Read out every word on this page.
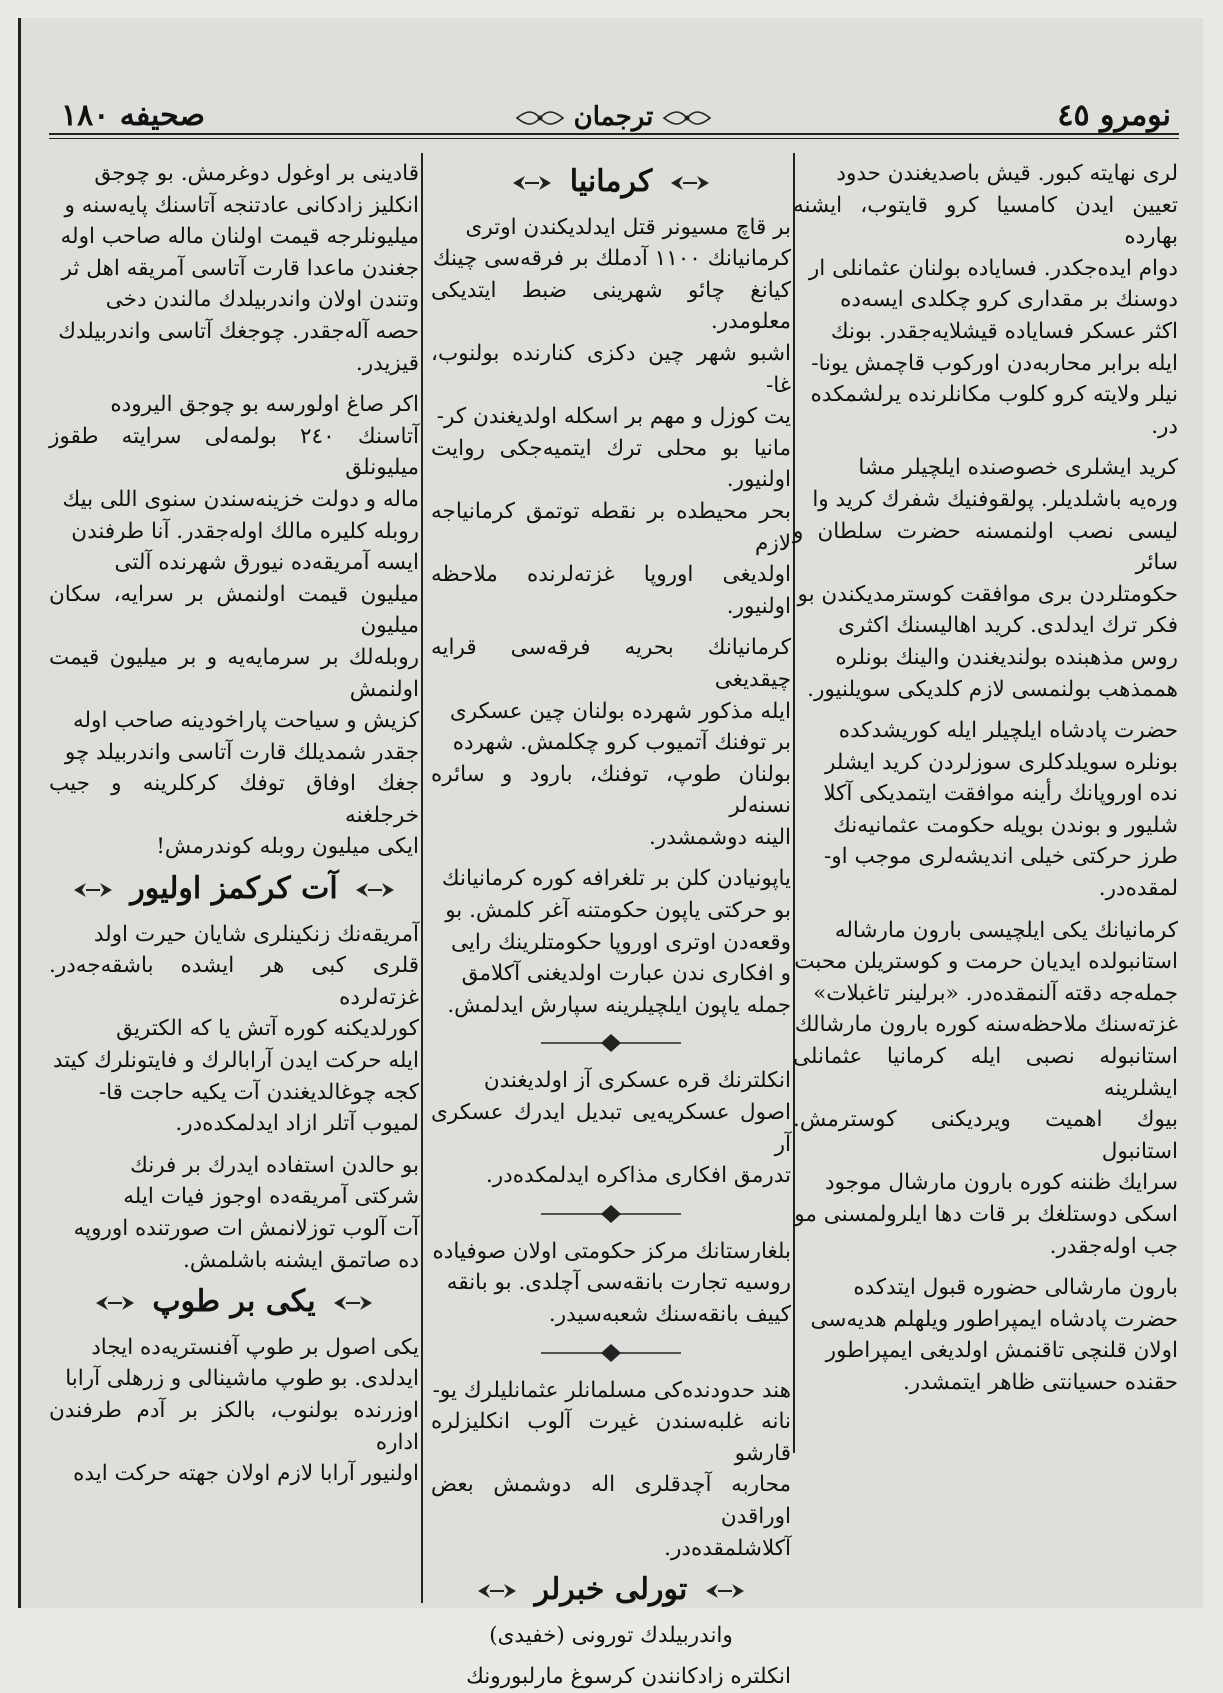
نومرو ٤٥
ترجمان
صحيفه ١٨٠

لرى نهايته كبور. قيش باصديغندن حدود
تعيين ايدن كامسيا كرو قايتوب، ايشنه بهارده
دوام ايده‌جكدر. فساياده بولنان عثمانلى ار
دوسنك بر مقدارى كرو چكلدى ايسه‌ده
اكثر عسكر فساياده قيشلايه‌جقدر. بونك
ايله برابر محاربه‌دن اوركوب قاچمش يونا-
نيلر ولايته كرو كلوب مكانلرنده يرلشمكده
در.

كريد ايشلرى خصوصنده ايلچيلر مشا
وره‌يه باشلديلر. پولقوفنيك شفرك كريد وا
ليسى نصب اولنمسنه حضرت سلطان و سائر
حكومتلردن برى موافقت كوسترمديكندن بو
فكر ترك ايدلدى. كريد اهاليسنك اكثرى
روس مذهبنده بولنديغندن والينك بونلره
هممذهب بولنمسى لازم كلديكى سويلنيور.

حضرت پادشاه ايلچيلر ايله كوريشدكده
بونلره سويلدكلرى سوزلردن كريد ايشلر
نده اوروپانك رأينه موافقت ايتمديكى آكلا
شليور و بوندن بويله حكومت عثمانيه‌نك
طرز حركتى خيلى انديشه‌لرى موجب او-
لمقده‌در.

كرمانيانك يكى ايلچيسى بارون مارشاله
استانبولده ايديان حرمت و كوستريلن محبت
جمله‌جه دقته آلنمقده‌در. «برلينر تاغبلات»
غزته‌سنك ملاحظه‌سنه كوره بارون مارشالك
استانبوله نصبى ايله كرمانيا عثمانلى ايشلرينه
بيوك اهميت ويرديكنى كوسترمش. استانبول
سرايك ظننه كوره بارون مارشال موجود
اسكى دوستلغك بر قات دها ايلرولمسنى مو
جب اوله‌جقدر.

بارون مارشالى حضوره قبول ايتدكده
حضرت پادشاه ايمپراطور ويلهلم هديه‌سى
اولان قلنچى تاقنمش اولديغى ايمپراطور
حقنده حسيانتى ظاهر ايتمشدر.

كرمانيا

بر قاچ مسيونر قتل ايدلديكندن اوترى
كرمانيانك ١١٠٠ آدملك بر فرقه‌سى چينك
كيانغ چائو شهرينى ضبط ايتديكى معلومدر.
اشبو شهر چين دكزى كنارنده بولنوب، غا-
يت كوزل و مهم بر اسكله اولديغندن كر-
مانيا بو محلى ترك ايتميه‌جكى روايت اولنيور.
بحر محيطده بر نقطه توتمق كرمانياجه لازم
اولديغى اوروپا غزته‌لرنده ملاحظه اولنيور.

كرمانيانك بحريه فرقه‌سى قرايه چيقديغى
ايله مذكور شهرده بولنان چين عسكرى
بر توفنك آتميوب كرو چكلمش. شهرده
بولنان طوپ، توفنك، بارود و سائره نسنه‌لر
الينه دوشمشدر.

ياپونيادن كلن بر تلغرافه كوره كرمانيانك
بو حركتى ياپون حكومتنه آغر كلمش. بو
وقعه‌دن اوترى اوروپا حكومتلرينك رايى
و افكارى ندن عبارت اولديغنى آكلامق
جمله ياپون ايلچيلرينه سپارش ايدلمش.

انكلترنك قره عسكرى آز اولديغندن
اصول عسكريه‌يى تبديل ايدرك عسكرى آر
تدرمق افكارى مذاكره ايدلمكده‌در.

بلغارستانك مركز حكومتى اولان صوفياده
روسيه تجارت بانقه‌سى آچلدى. بو بانقه
كييف بانقه‌سنك شعبه‌سيدر.

هند حدودنده‌كى مسلمانلر عثمانليلرك يو-
نانه غلبه‌سندن غيرت آلوب انكليزلره قارشو
محاربه آچدقلرى اله دوشمش بعض اوراقدن
آكلاشلمقده‌در.

تورلى خبرلر

واندربيلدك تورونى (خفيدى)

انكلتره زادكانندن كرسوغ مارلبورونك

قادينى بر اوغول دوغرمش. بو چوجق
انكليز زادكانى عادتنجه آتاسنك پايه‌سنه و
ميليونلرجه قيمت اولنان ماله صاحب اوله
جغندن ماعدا قارت آتاسى آمريقه اهل ثر
وتندن اولان واندربيلدك مالندن دخى
حصه آله‌جقدر. چوجغك آتاسى واندربيلدك
قيزيدر.

اكر صاغ اولورسه بو چوجق اليروده
آتاسنك ٢٤٠ بولمه‌لى سرايته طقوز ميليونلق
ماله و دولت خزينه‌سندن سنوى اللى بيك
روبله كليره مالك اوله‌جقدر. آنا طرفندن
ايسه آمريقه‌ده نيورق شهرنده آلتى
ميليون قيمت اولنمش بر سرايه، سكان ميليون
روبله‌لك بر سرمايه‌يه و بر ميليون قيمت اولنمش
كزيش و سياحت پاراخودينه صاحب اوله
جقدر شمديلك قارت آتاسى واندربيلد چو
جغك اوفاق توفك كركلرينه و جيب خرجلغنه
ايكى ميليون روبله كوندرمش!

آت كركمز اوليور

آمريقه‌نك زنكينلرى شايان حيرت اولد
قلرى كبى هر ايشده باشقه‌جه‌در. غزته‌لرده
كورلديكنه كوره آتش يا كه الكتريق
ايله حركت ايدن آرابالرك و فايتونلرك كيتد
كجه چوغالديغندن آت يكيه حاجت قا-
لميوب آتلر ازاد ايدلمكده‌در.

بو حالدن استفاده ايدرك بر فرنك
شركتى آمريقه‌ده اوجوز فيات ايله
آت آلوب توزلانمش ات صورتنده اوروپه
ده صاتمق ايشنه باشلمش.

يكى بر طوپ

يكى اصول بر طوپ آفنستريه‌ده ايجاد
ايدلدى. بو طوپ ماشينالى و زرهلى آرابا
اوزرنده بولنوب، بالكز بر آدم طرفندن اداره
اولنيور آرابا لازم اولان جهته حركت ايده
